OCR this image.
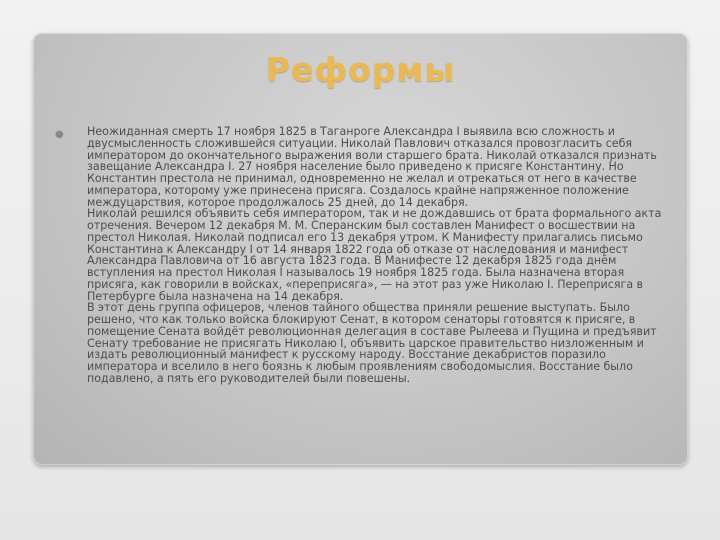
Реформы
● Неожиданная смерть 17 ноября 1825 в Таганроге Александра I выявила всю сложность и двусмысленность сложившейся ситуации. Николай Павлович отказался провозгласить себя императором до окончательного выражения воли старшего брата. Николай отказался признать завещание Александра I. 27 ноября население было приведено к присяге Константину. Но Константин престола не принимал, одновременно не желал и отрекаться от него в качестве императора, которому уже принесена присяга. Создалось крайне напряженное положение междуцарствия, которое продолжалось 25 дней, до 14 декабря.
Николай решился объявить себя императором, так и не дождавшись от брата формального акта отречения. Вечером 12 декабря М. М. Сперанским был составлен Манифест о восшествии на престол Николая. Николай подписал его 13 декабря утром. К Манифесту прилагались письмо Константина к Александру I от 14 января 1822 года об отказе от наследования и манифест Александра Павловича от 16 августа 1823 года. В Манифесте 12 декабря 1825 года днём вступления на престол Николая I называлось 19 ноября 1825 года. Была назначена вторая присяга, как говорили в войсках, «переприсяга», — на этот раз уже Николаю I. Переприсяга в Петербурге была назначена на 14 декабря.
В этот день группа офицеров, членов тайного общества приняли решение выступать. Было решено, что как только войска блокируют Сенат, в котором сенаторы готовятся к присяге, в помещение Сената войдёт революционная делегация в составе Рылеева и Пущина и предъявит Сенату требование не присягать Николаю I, объявить царское правительство низложенным и издать революционный манифест к русскому народу. Восстание декабристов поразило императора и вселило в него боязнь к любым проявлениям свободомыслия. Восстание было подавлено, а пять его руководителей были повешены.
